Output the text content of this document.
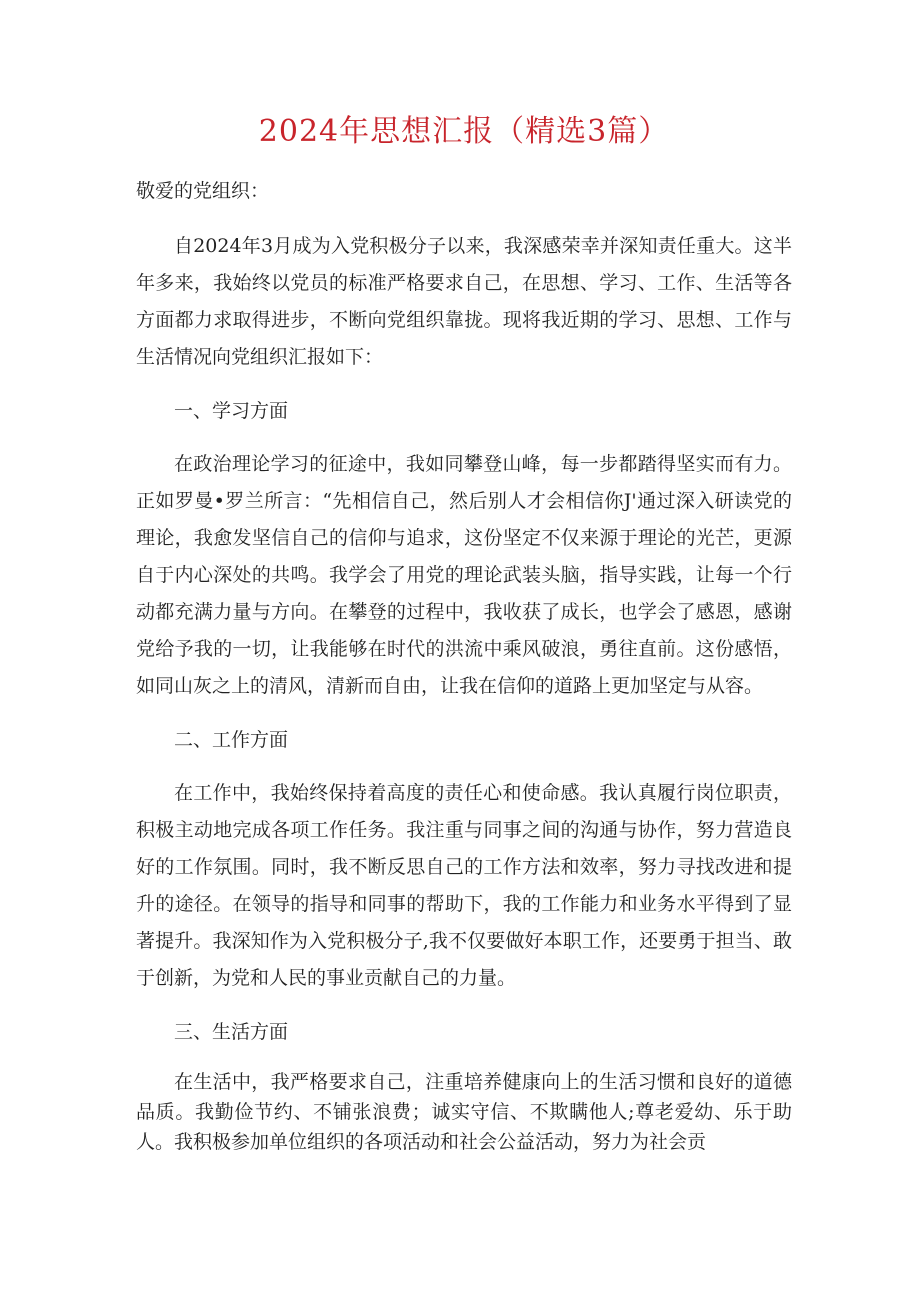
2024年思想汇报（精选3篇）

敬爱的党组织：

自2024年3月成为入党积极分子以来，我深感荣幸并深知责任重大。这半年多来，我始终以党员的标准严格要求自己，在思想、学习、工作、生活等各方面都力求取得进步，不断向党组织靠拢。现将我近期的学习、思想、工作与生活情况向党组织汇报如下：

一、学习方面

在政治理论学习的征途中，我如同攀登山峰，每一步都踏得坚实而有力。正如罗曼•罗兰所言：“先相信自己，然后别人才会相信你J'通过深入研读党的理论，我愈发坚信自己的信仰与追求，这份坚定不仅来源于理论的光芒，更源自于内心深处的共鸣。我学会了用党的理论武装头脑，指导实践，让每一个行动都充满力量与方向。在攀登的过程中，我收获了成长，也学会了感恩，感谢党给予我的一切，让我能够在时代的洪流中乘风破浪，勇往直前。这份感悟，如同山灰之上的清风，清新而自由，让我在信仰的道路上更加坚定与从容。

二、工作方面

在工作中，我始终保持着高度的责任心和使命感。我认真履行岗位职责，积极主动地完成各项工作任务。我注重与同事之间的沟通与协作，努力营造良好的工作氛围。同时，我不断反思自己的工作方法和效率，努力寻找改进和提升的途径。在领导的指导和同事的帮助下，我的工作能力和业务水平得到了显著提升。我深知作为入党积极分子,我不仅要做好本职工作，还要勇于担当、敢于创新，为党和人民的事业贡献自己的力量。

三、生活方面

在生活中，我严格要求自己，注重培养健康向上的生活习惯和良好的道德品质。我勤俭节约、不铺张浪费；诚实守信、不欺瞒他人;尊老爱幼、乐于助人。我积极参加单位组织的各项活动和社会公益活动，努力为社会贡
